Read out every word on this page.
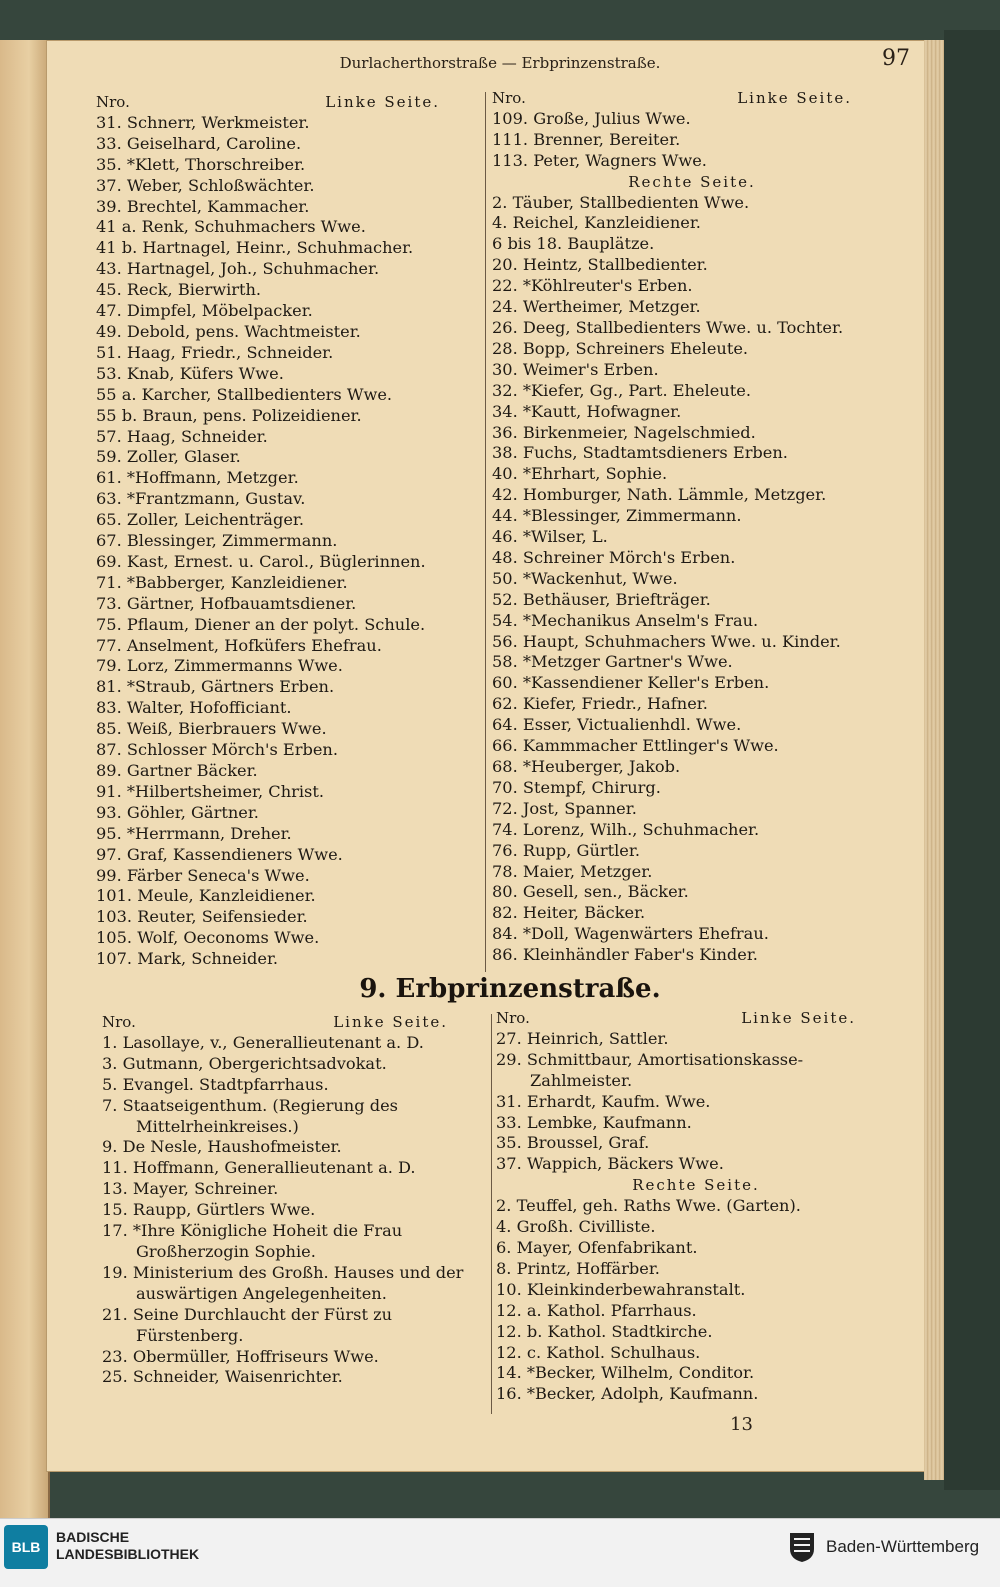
Durlacherthorstraße — Erbprinzenstraße.	97
Nro.	Linke Seite.
31. Schnerr, Werkmeister.
33. Geiselhard, Caroline.
35. *Klett, Thorschreiber.
37. Weber, Schloßwächter.
39. Brechtel, Kammacher.
41 a. Renk, Schuhmachers Wwe.
41 b. Hartnagel, Heinr., Schuhmacher.
43. Hartnagel, Joh., Schuhmacher.
45. Reck, Bierwirth.
47. Dimpfel, Möbelpacker.
49. Debold, pens. Wachtmeister.
51. Haag, Friedr., Schneider.
53. Knab, Küfers Wwe.
55 a. Karcher, Stallbedienters Wwe.
55 b. Braun, pens. Polizeidiener.
57. Haag, Schneider.
59. Zoller, Glaser.
61. *Hoffmann, Metzger.
63. *Frantzmann, Gustav.
65. Zoller, Leichenträger.
67. Blessinger, Zimmermann.
69. Kast, Ernest. u. Carol., Büglerinnen.
71. *Babberger, Kanzleidiener.
73. Gärtner, Hofbauamtsdiener.
75. Pflaum, Diener an der polyt. Schule.
77. Anselment, Hofküfers Ehefrau.
79. Lorz, Zimmermanns Wwe.
81. *Straub, Gärtners Erben.
83. Walter, Hofofficiant.
85. Weiß, Bierbrauers Wwe.
87. Schlosser Mörch's Erben.
89. Gartner Bäcker.
91. *Hilbertsheimer, Christ.
93. Göhler, Gärtner.
95. *Herrmann, Dreher.
97. Graf, Kassendieners Wwe.
99. Färber Seneca's Wwe.
101. Meule, Kanzleidiener.
103. Reuter, Seifensieder.
105. Wolf, Oeconoms Wwe.
107. Mark, Schneider.
Nro.	Linke Seite.
109. Große, Julius Wwe.
111. Brenner, Bereiter.
113. Peter, Wagners Wwe.
Rechte Seite.
2. Täuber, Stallbedienten Wwe.
4. Reichel, Kanzleidiener.
6 bis 18. Bauplätze.
20. Heintz, Stallbedienter.
22. *Köhlreuter's Erben.
24. Wertheimer, Metzger.
26. Deeg, Stallbedienters Wwe. u. Tochter.
28. Bopp, Schreiners Eheleute.
30. Weimer's Erben.
32. *Kiefer, Gg., Part. Eheleute.
34. *Kautt, Hofwagner.
36. Birkenmeier, Nagelschmied.
38. Fuchs, Stadtamtsdieners Erben.
40. *Ehrhart, Sophie.
42. Homburger, Nath. Lämmle, Metzger.
44. *Blessinger, Zimmermann.
46. *Wilser, L.
48. Schreiner Mörch's Erben.
50. *Wackenhut, Wwe.
52. Bethäuser, Briefträger.
54. *Mechanikus Anselm's Frau.
56. Haupt, Schuhmachers Wwe. u. Kinder.
58. *Metzger Gartner's Wwe.
60. *Kassendiener Keller's Erben.
62. Kiefer, Friedr., Hafner.
64. Esser, Victualienhdl. Wwe.
66. Kammmacher Ettlinger's Wwe.
68. *Heuberger, Jakob.
70. Stempf, Chirurg.
72. Jost, Spanner.
74. Lorenz, Wilh., Schuhmacher.
76. Rupp, Gürtler.
78. Maier, Metzger.
80. Gesell, sen., Bäcker.
82. Heiter, Bäcker.
84. *Doll, Wagenwärters Ehefrau.
86. Kleinhändler Faber's Kinder.
9. Erbprinzenstraße.
Nro.	Linke Seite.
1. Lasollaye, v., Generallieutenant a. D.
3. Gutmann, Obergerichtsadvokat.
5. Evangel. Stadtpfarrhaus.
7. Staatseigenthum. (Regierung des Mittelrheinkreises.)
9. De Nesle, Haushofmeister.
11. Hoffmann, Generallieutenant a. D.
13. Mayer, Schreiner.
15. Raupp, Gürtlers Wwe.
17. *Ihre Königliche Hoheit die Frau Großherzogin Sophie.
19. Ministerium des Großh. Hauses und der auswärtigen Angelegenheiten.
21. Seine Durchlaucht der Fürst zu Fürstenberg.
23. Obermüller, Hoffriseurs Wwe.
25. Schneider, Waisenrichter.
Nro.	Linke Seite.
27. Heinrich, Sattler.
29. Schmittbaur, Amortisationskasse-Zahlmeister.
31. Erhardt, Kaufm. Wwe.
33. Lembke, Kaufmann.
35. Broussel, Graf.
37. Wappich, Bäckers Wwe.
Rechte Seite.
2. Teuffel, geh. Raths Wwe. (Garten).
4. Großh. Civilliste.
6. Mayer, Ofenfabrikant.
8. Printz, Hoffärber.
10. Kleinkinderbewahranstalt.
12. a. Kathol. Pfarrhaus.
12. b. Kathol. Stadtkirche.
12. c. Kathol. Schulhaus.
14. *Becker, Wilhelm, Conditor.
16. *Becker, Adolph, Kaufmann.
13
BLB
BADISCHE
LANDESBIBLIOTHEK	Baden-Württemberg
